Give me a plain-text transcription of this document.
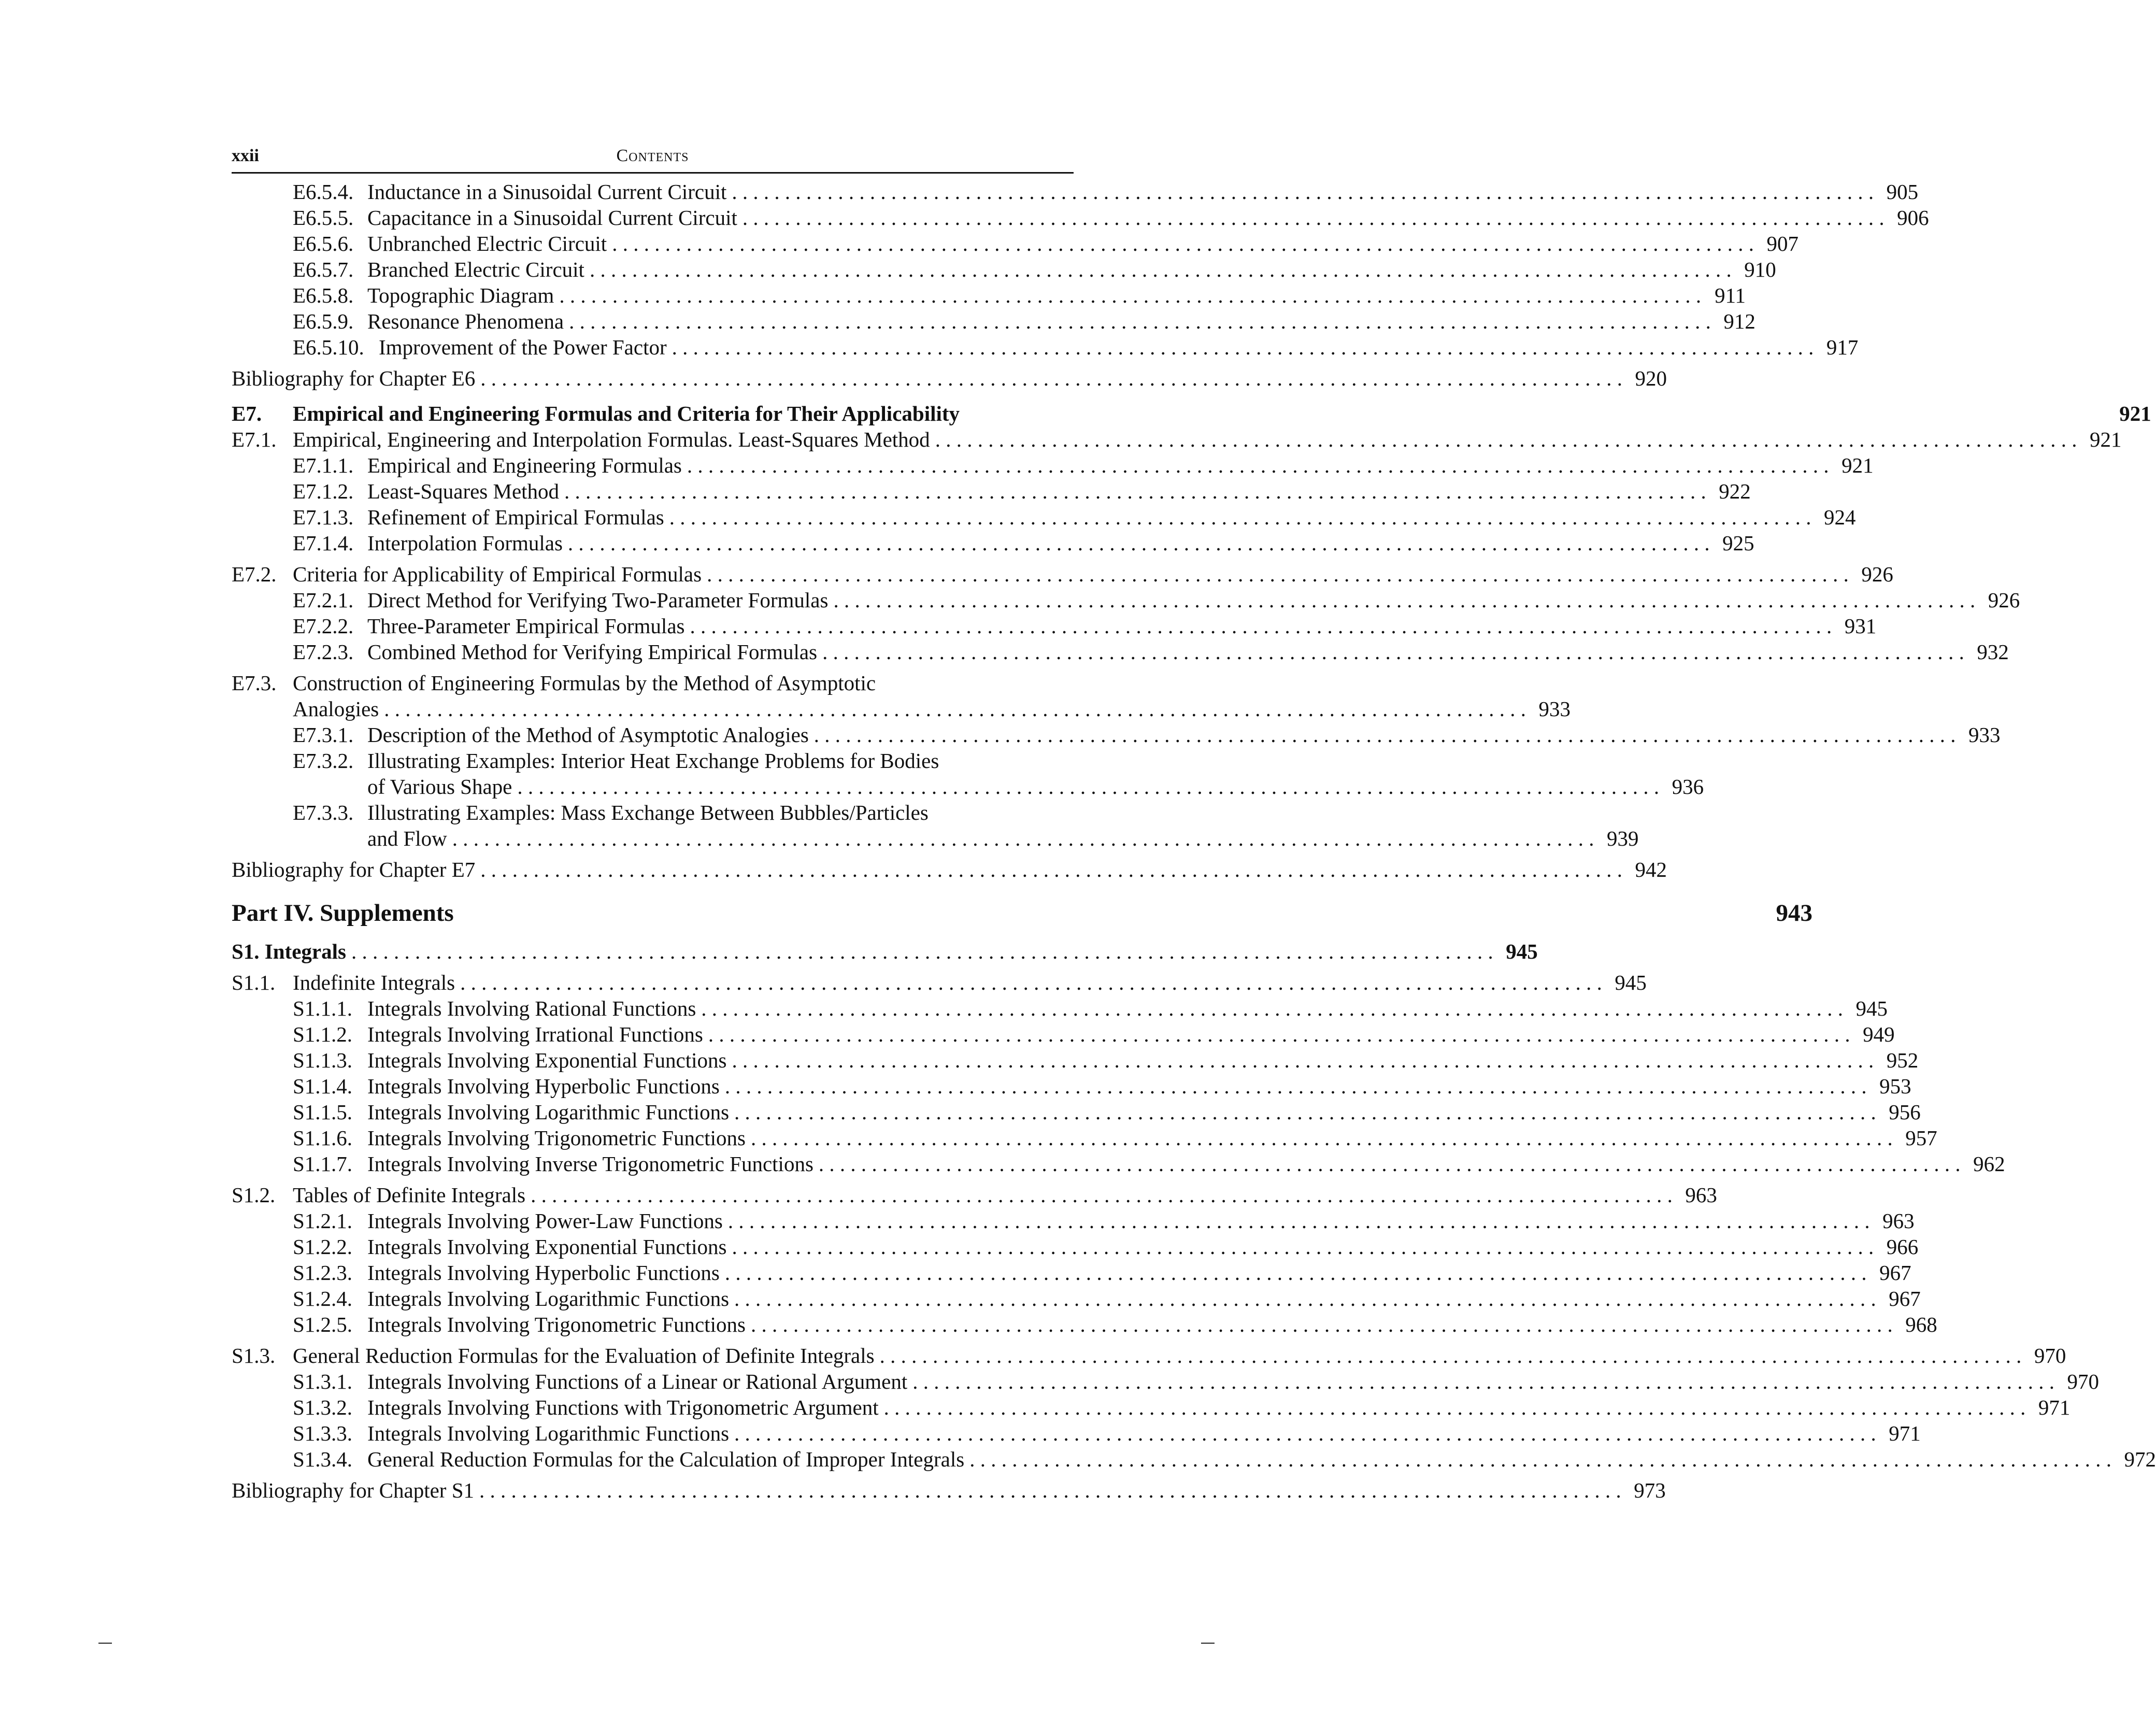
xxii	Contents
E6.5.4. Inductance in a Sinusoidal Current Circuit . . .	905
E6.5.5. Capacitance in a Sinusoidal Current Circuit . . .	906
E6.5.6. Unbranched Electric Circuit . . .	907
E6.5.7. Branched Electric Circuit . . .	910
E6.5.8. Topographic Diagram . . .	911
E6.5.9. Resonance Phenomena . . .	912
E6.5.10. Improvement of the Power Factor . . .	917
Bibliography for Chapter E6 . . .	920
E7.	Empirical and Engineering Formulas and Criteria for Their Applicability	921
E7.1. Empirical, Engineering and Interpolation Formulas. Least-Squares Method . . .	921
E7.1.1. Empirical and Engineering Formulas . . .	921
E7.1.2. Least-Squares Method . . .	922
E7.1.3. Refinement of Empirical Formulas . . .	924
E7.1.4. Interpolation Formulas . . .	925
E7.2. Criteria for Applicability of Empirical Formulas . . .	926
E7.2.1. Direct Method for Verifying Two-Parameter Formulas . . .	926
E7.2.2. Three-Parameter Empirical Formulas . . .	931
E7.2.3. Combined Method for Verifying Empirical Formulas . . .	932
E7.3. Construction of Engineering Formulas by the Method of Asymptotic
Analogies . . .	933
E7.3.1. Description of the Method of Asymptotic Analogies . . .	933
E7.3.2. Illustrating Examples: Interior Heat Exchange Problems for Bodies
of Various Shape . . .	936
E7.3.3. Illustrating Examples: Mass Exchange Between Bubbles/Particles
and Flow . . .	939
Bibliography for Chapter E7 . . .	942
Part IV. Supplements	943
S1. Integrals . . .	945
S1.1. Indefinite Integrals . . .	945
S1.1.1. Integrals Involving Rational Functions . . .	945
S1.1.2. Integrals Involving Irrational Functions . . .	949
S1.1.3. Integrals Involving Exponential Functions . . .	952
S1.1.4. Integrals Involving Hyperbolic Functions . . .	953
S1.1.5. Integrals Involving Logarithmic Functions . . .	956
S1.1.6. Integrals Involving Trigonometric Functions . . .	957
S1.1.7. Integrals Involving Inverse Trigonometric Functions . . .	962
S1.2. Tables of Definite Integrals . . .	963
S1.2.1. Integrals Involving Power-Law Functions . . .	963
S1.2.2. Integrals Involving Exponential Functions . . .	966
S1.2.3. Integrals Involving Hyperbolic Functions . . .	967
S1.2.4. Integrals Involving Logarithmic Functions . . .	967
S1.2.5. Integrals Involving Trigonometric Functions . . .	968
S1.3. General Reduction Formulas for the Evaluation of Definite Integrals . . .	970
S1.3.1. Integrals Involving Functions of a Linear or Rational Argument . . .	970
S1.3.2. Integrals Involving Functions with Trigonometric Argument . . .	971
S1.3.3. Integrals Involving Logarithmic Functions . . .	971
S1.3.4. General Reduction Formulas for the Calculation of Improper Integrals . . .	972
Bibliography for Chapter S1 . . .	973
